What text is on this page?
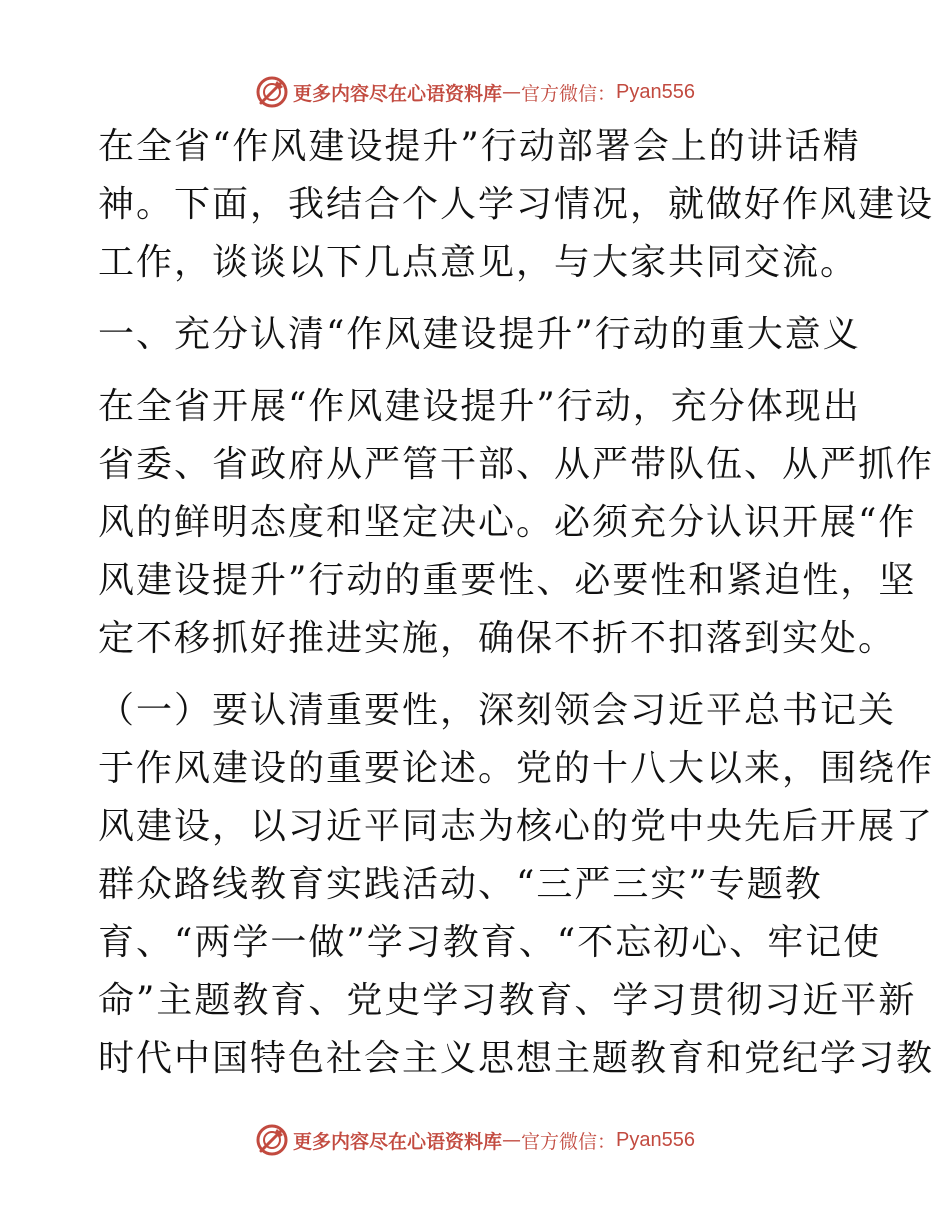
更多内容尽在心语资料库 — 官方微信： Pyan556
在全省“作风建设提升”行动部署会上的讲话精
神。下面，我结合个人学习情况，就做好作风建设
工作，谈谈以下几点意见，与大家共同交流。
一、充分认清“作风建设提升”行动的重大意义
在全省开展“作风建设提升”行动，充分体现出
省委、省政府从严管干部、从严带队伍、从严抓作
风的鲜明态度和坚定决心。必须充分认识开展“作
风建设提升”行动的重要性、必要性和紧迫性，坚
定不移抓好推进实施，确保不折不扣落到实处。
（一）要认清重要性，深刻领会习近平总书记关
于作风建设的重要论述。党的十八大以来，围绕作
风建设，以习近平同志为核心的党中央先后开展了
群众路线教育实践活动、“三严三实”专题教
育、“两学一做”学习教育、“不忘初心、牢记使
命”主题教育、党史学习教育、学习贯彻习近平新
时代中国特色社会主义思想主题教育和党纪学习教
更多内容尽在心语资料库 — 官方微信： Pyan556
